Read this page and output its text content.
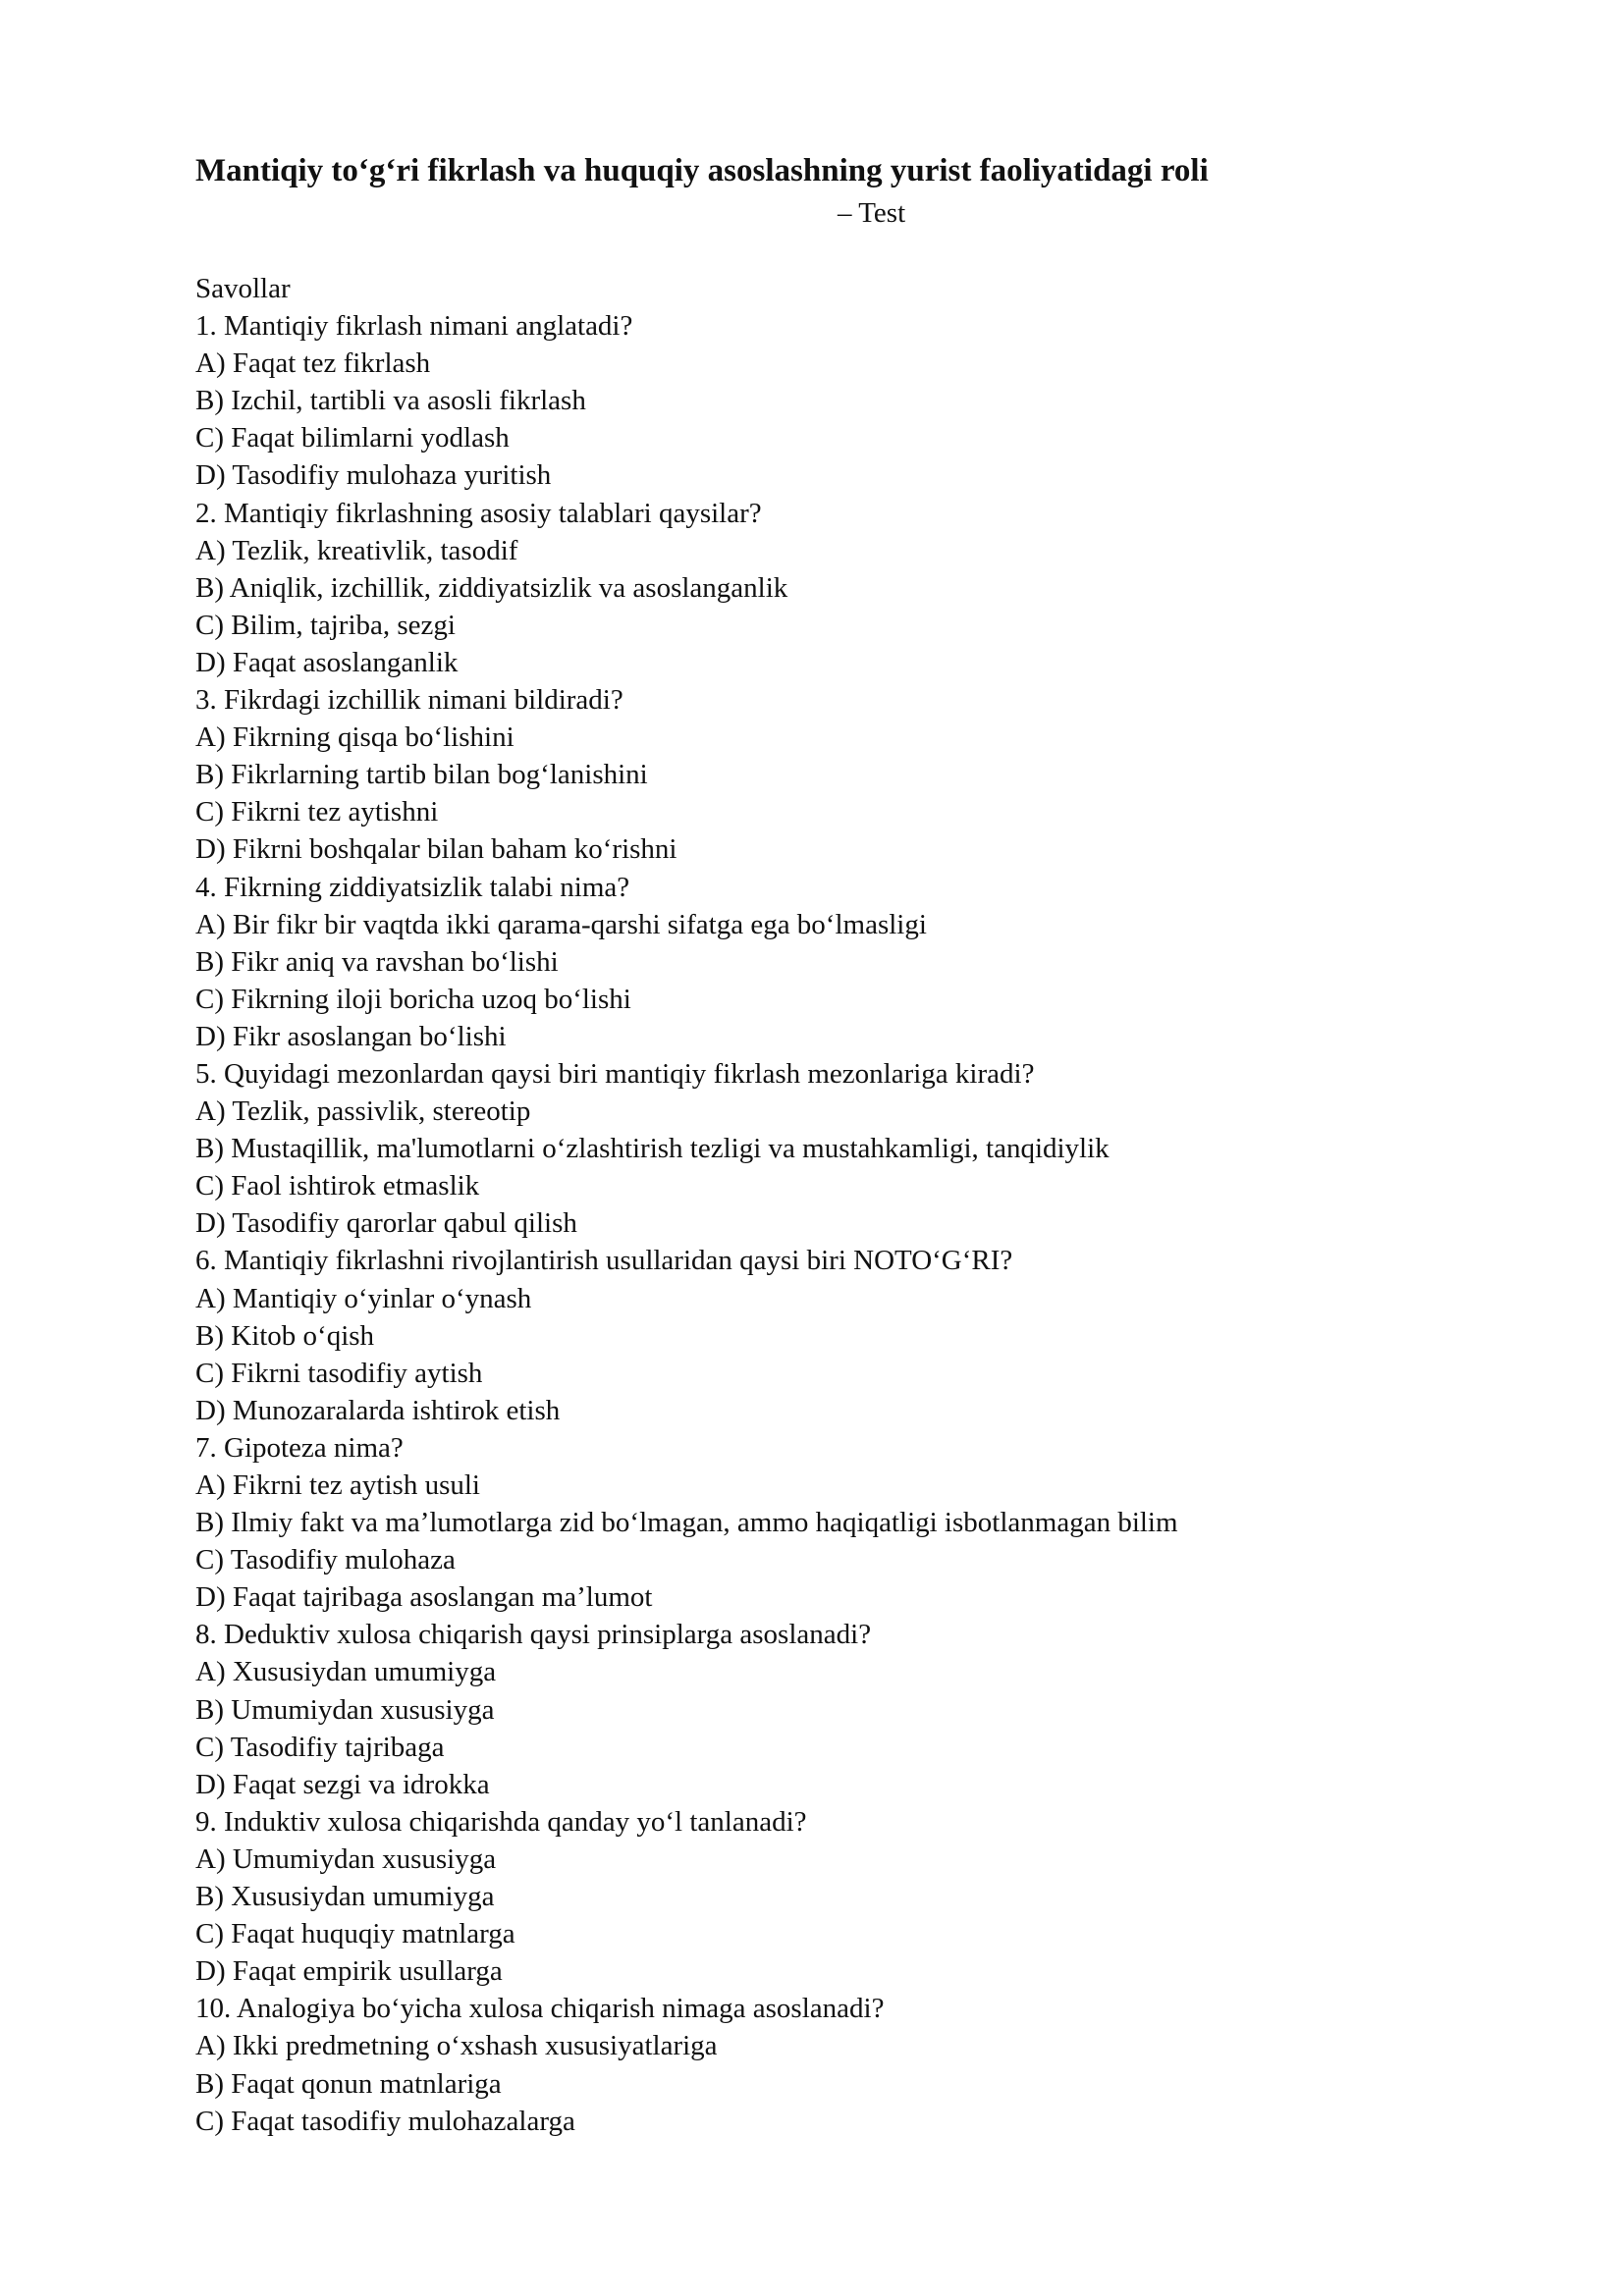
Mantiqiy to‘g‘ri fikrlash va huquqiy asoslashning yurist faoliyatidagi roli
– Test
Savollar
1. Mantiqiy fikrlash nimani anglatadi?
A) Faqat tez fikrlash
B) Izchil, tartibli va asosli fikrlash
C) Faqat bilimlarni yodlash
D) Tasodifiy mulohaza yuritish
2. Mantiqiy fikrlashning asosiy talablari qaysilar?
A) Tezlik, kreativlik, tasodif
B) Aniqlik, izchillik, ziddiyatsizlik va asoslanganlik
C) Bilim, tajriba, sezgi
D) Faqat asoslanganlik
3. Fikrdagi izchillik nimani bildiradi?
A) Fikrning qisqa bo‘lishini
B) Fikrlarning tartib bilan bog‘lanishini
C) Fikrni tez aytishni
D) Fikrni boshqalar bilan baham ko‘rishni
4. Fikrning ziddiyatsizlik talabi nima?
A) Bir fikr bir vaqtda ikki qarama-qarshi sifatga ega bo‘lmasligi
B) Fikr aniq va ravshan bo‘lishi
C) Fikrning iloji boricha uzoq bo‘lishi
D) Fikr asoslangan bo‘lishi
5. Quyidagi mezonlardan qaysi biri mantiqiy fikrlash mezonlariga kiradi?
A) Tezlik, passivlik, stereotip
B) Mustaqillik, ma'lumotlarni o‘zlashtirish tezligi va mustahkamligi, tanqidiylik
C) Faol ishtirok etmaslik
D) Tasodifiy qarorlar qabul qilish
6. Mantiqiy fikrlashni rivojlantirish usullaridan qaysi biri NOTO‘G‘RI?
A) Mantiqiy o‘yinlar o‘ynash
B) Kitob o‘qish
C) Fikrni tasodifiy aytish
D) Munozaralarda ishtirok etish
7. Gipoteza nima?
A) Fikrni tez aytish usuli
B) Ilmiy fakt va ma’lumotlarga zid bo‘lmagan, ammo haqiqatligi isbotlanmagan bilim
C) Tasodifiy mulohaza
D) Faqat tajribaga asoslangan ma’lumot
8. Deduktiv xulosa chiqarish qaysi prinsiplarga asoslanadi?
A) Xususiydan umumiyga
B) Umumiydan xususiyga
C) Tasodifiy tajribaga
D) Faqat sezgi va idrokka
9. Induktiv xulosa chiqarishda qanday yo‘l tanlanadi?
A) Umumiydan xususiyga
B) Xususiydan umumiyga
C) Faqat huquqiy matnlarga
D) Faqat empirik usullarga
10. Analogiya bo‘yicha xulosa chiqarish nimaga asoslanadi?
A) Ikki predmetning o‘xshash xususiyatlariga
B) Faqat qonun matnlariga
C) Faqat tasodifiy mulohazalarga
